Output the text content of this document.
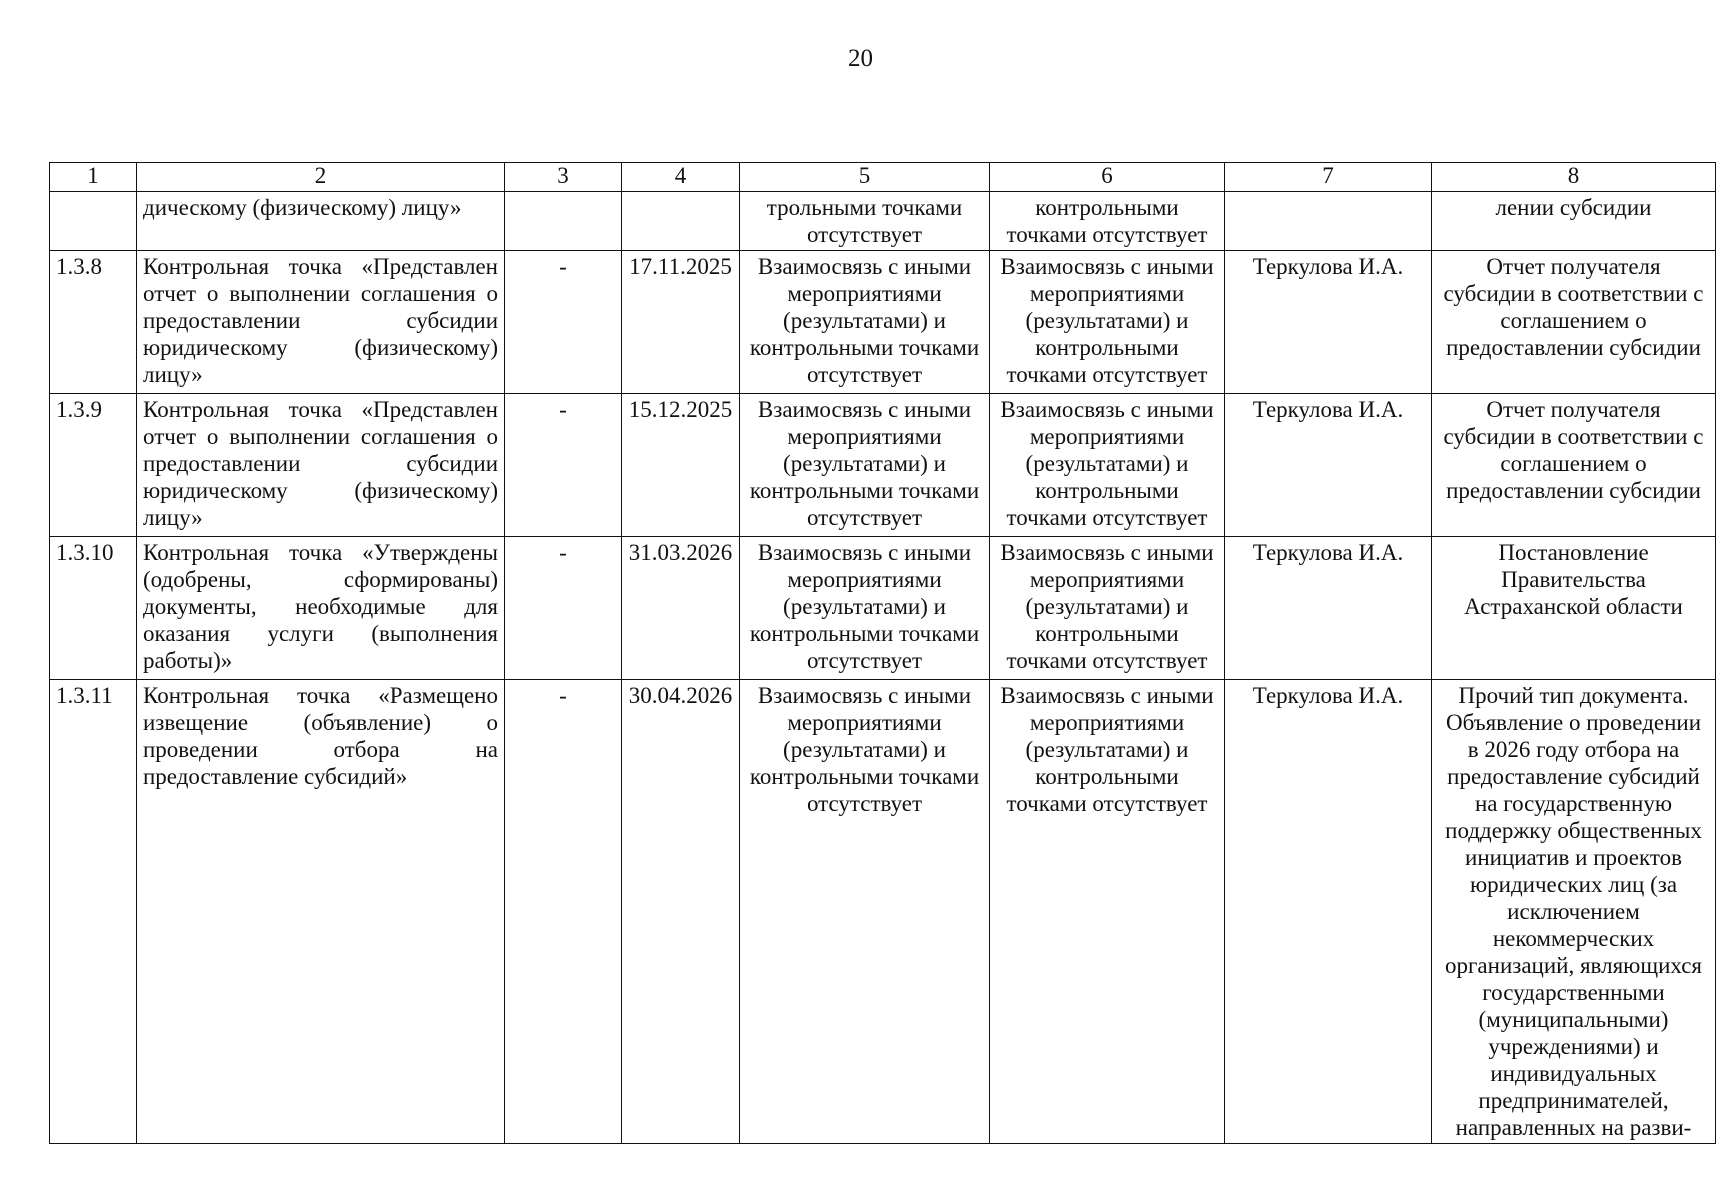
20
1	2	3	4	5	6	7	8
	дическому (физическому) лицу»			трольными точками отсутствует	контрольными точками отсутствует		лении субсидии
1.3.8	Контрольная точка «Представлен отчет о выполнении соглашения о предоставлении субсидии юридическому (физическому) лицу»	-	17.11.2025	Взаимосвязь с иными мероприятиями (результатами) и контрольными точками отсутствует	Взаимосвязь с иными мероприятиями (результатами) и контрольными точками отсутствует	Теркулова И.А.	Отчет получателя субсидии в соответствии с соглашением о предоставлении субсидии
1.3.9	Контрольная точка «Представлен отчет о выполнении соглашения о предоставлении субсидии юридическому (физическому) лицу»	-	15.12.2025	Взаимосвязь с иными мероприятиями (результатами) и контрольными точками отсутствует	Взаимосвязь с иными мероприятиями (результатами) и контрольными точками отсутствует	Теркулова И.А.	Отчет получателя субсидии в соответствии с соглашением о предоставлении субсидии
1.3.10	Контрольная точка «Утверждены (одобрены, сформированы) документы, необходимые для оказания услуги (выполнения работы)»	-	31.03.2026	Взаимосвязь с иными мероприятиями (результатами) и контрольными точками отсутствует	Взаимосвязь с иными мероприятиями (результатами) и контрольными точками отсутствует	Теркулова И.А.	Постановление Правительства Астраханской области
1.3.11	Контрольная точка «Размещено извещение (объявление) о проведении отбора на предоставление субсидий»	-	30.04.2026	Взаимосвязь с иными мероприятиями (результатами) и контрольными точками отсутствует	Взаимосвязь с иными мероприятиями (результатами) и контрольными точками отсутствует	Теркулова И.А.	Прочий тип документа. Объявление о проведении в 2026 году отбора на предоставление субсидий на государственную поддержку общественных инициатив и проектов юридических лиц (за исключением некоммерческих организаций, являющихся государственными (муниципальными) учреждениями) и индивидуальных предпринимателей, направленных на разви-
